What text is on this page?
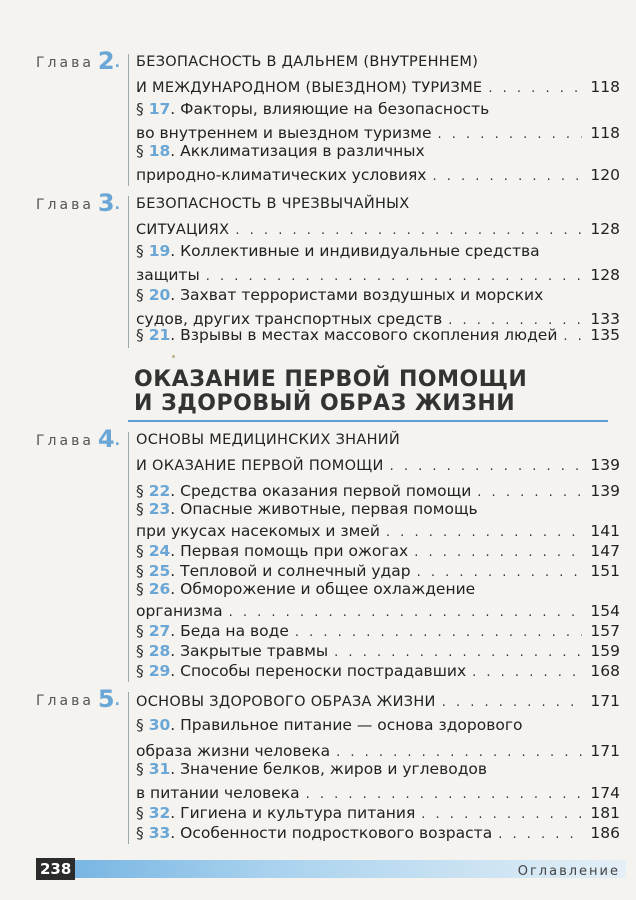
Глава 2. БЕЗОПАСНОСТЬ В ДАЛЬНЕМ (ВНУТРЕННЕМ)
И МЕЖДУНАРОДНОМ (ВЫЕЗДНОМ) ТУРИЗМЕ . . .	118
§ 17. Факторы, влияющие на безопасность
во внутреннем и выездном туризме . . .	118
§ 18. Акклиматизация в различных
природно-климатических условиях . . .	120
Глава 3. БЕЗОПАСНОСТЬ В ЧРЕЗВЫЧАЙНЫХ
СИТУАЦИЯХ . . .	128
§ 19. Коллективные и индивидуальные средства
защиты . . .	128
§ 20. Захват террористами воздушных и морских
судов, других транспортных средств . . .	133
§ 21. Взрывы в местах массового скопления людей . . . 135
Глава 4. ОСНОВЫ МЕДИЦИНСКИХ ЗНАНИЙ
И ОКАЗАНИЕ ПЕРВОЙ ПОМОЩИ . . .	139
§ 22. Средства оказания первой помощи . . .	139
§ 23. Опасные животные, первая помощь
при укусах насекомых и змей . . .	141
§ 24. Первая помощь при ожогах . . .	147
§ 25. Тепловой и солнечный удар . . .	151
§ 26. Обморожение и общее охлаждение
организма . . .	154
§ 27. Беда на воде . . .	157
§ 28. Закрытые травмы . . .	159
§ 29. Способы переноски пострадавших . . .	168
Глава 5. ОСНОВЫ ЗДОРОВОГО ОБРАЗА ЖИЗНИ . . .	171
§ 30. Правильное питание — основа здорового
образа жизни человека . . .	171
§ 31. Значение белков, жиров и углеводов
в питании человека . . .	174
§ 32. Гигиена и культура питания . . .	181
§ 33. Особенности подросткового возраста . . .	186
ОКАЗАНИЕ ПЕРВОЙ ПОМОЩИ
И ЗДОРОВЫЙ ОБРАЗ ЖИЗНИ
238	Оглавление
